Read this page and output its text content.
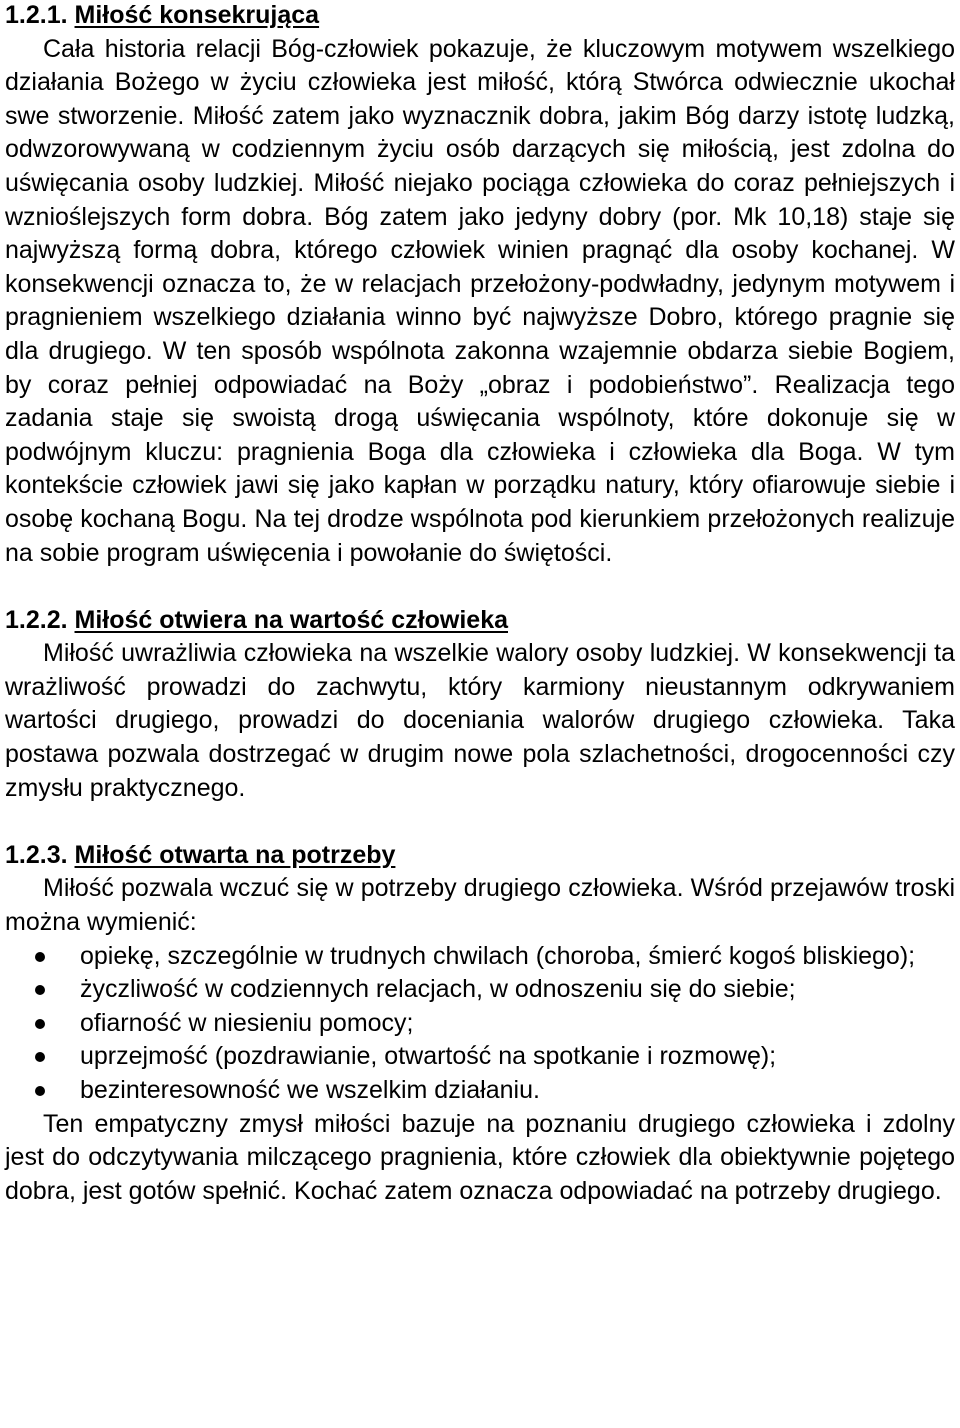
1.2.1. Miłość konsekrująca

Cała historia relacji Bóg-człowiek pokazuje, że kluczowym motywem wszelkiego działania Bożego w życiu człowieka jest miłość, którą Stwórca odwiecznie ukochał swe stworzenie. Miłość zatem jako wyznacznik dobra, jakim Bóg darzy istotę ludzką, odwzorowywaną w codziennym życiu osób darzących się miłością, jest zdolna do uświęcania osoby ludzkiej. Miłość niejako pociąga człowieka do coraz pełniejszych i wznioślejszych form dobra. Bóg zatem jako jedyny dobry (por. Mk 10,18) staje się najwyższą formą dobra, którego człowiek winien pragnąć dla osoby kochanej. W konsekwencji oznacza to, że w relacjach przełożony-podwładny, jedynym motywem i pragnieniem wszelkiego działania winno być najwyższe Dobro, którego pragnie się dla drugiego. W ten sposób wspólnota zakonna wzajemnie obdarza siebie Bogiem, by coraz pełniej odpowiadać na Boży „obraz i podobieństwo”. Realizacja tego zadania staje się swoistą drogą uświęcania wspólnoty, które dokonuje się w podwójnym kluczu: pragnienia Boga dla człowieka i człowieka dla Boga. W tym kontekście człowiek jawi się jako kapłan w porządku natury, który ofiarowuje siebie i osobę kochaną Bogu. Na tej drodze wspólnota pod kierunkiem przełożonych realizuje na sobie program uświęcenia i powołanie do świętości.

1.2.2. Miłość otwiera na wartość człowieka

Miłość uwrażliwia człowieka na wszelkie walory osoby ludzkiej. W konsekwencji ta wrażliwość prowadzi do zachwytu, który karmiony nieustannym odkrywaniem wartości drugiego, prowadzi do doceniania walorów drugiego człowieka. Taka postawa pozwala dostrzegać w drugim nowe pola szlachetności, drogocenności czy zmysłu praktycznego.

1.2.3. Miłość otwarta na potrzeby

Miłość pozwala wczuć się w potrzeby drugiego człowieka. Wśród przejawów troski można wymienić:

opiekę, szczególnie w trudnych chwilach (choroba, śmierć kogoś bliskiego);
życzliwość w codziennych relacjach, w odnoszeniu się do siebie;
ofiarność w niesieniu pomocy;
uprzejmość (pozdrawianie, otwartość na spotkanie i rozmowę);
bezinteresowność we wszelkim działaniu.

Ten empatyczny zmysł miłości bazuje na poznaniu drugiego człowieka i zdolny jest do odczytywania milczącego pragnienia, które człowiek dla obiektywnie pojętego dobra, jest gotów spełnić. Kochać zatem oznacza odpowiadać na potrzeby drugiego.
